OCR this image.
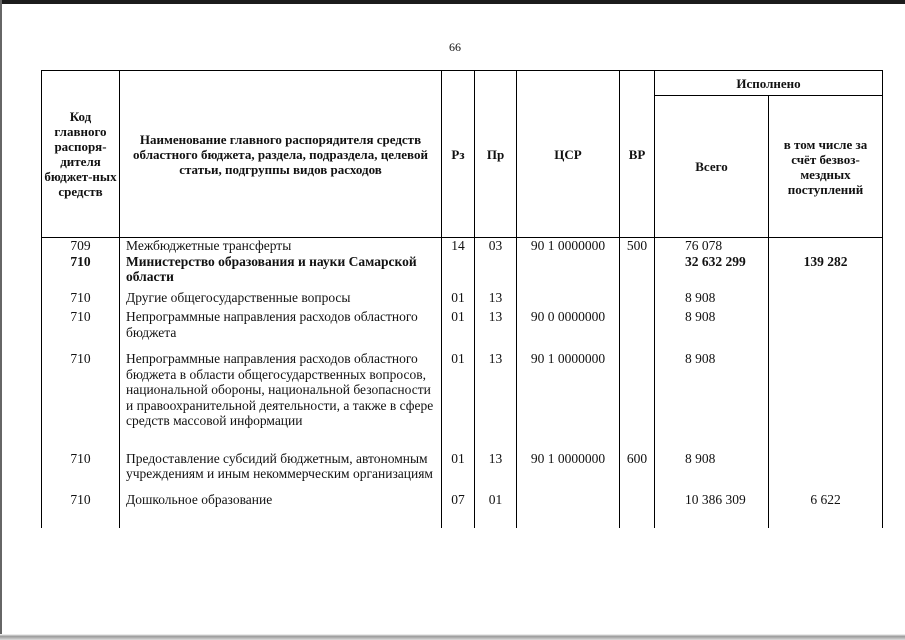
66
Код главного распоря-дителя бюджет-ных средств	Наименование главного распорядителя средств областного бюджета, раздела, подраздела, целевой статьи, подгруппы видов расходов	Рз	Пр	ЦСР	ВР	Исполнено	
						Всего	в том числе за счёт безвоз-мездных поступлений
709	Межбюджетные трансферты	14	03	90 1 0000000	500	76 078	
710	Министерство образования и науки Самарской области					32 632 299	139 282
710	Другие общегосударственные вопросы	01	13			8 908	
710	Непрограммные направления расходов областного бюджета	01	13	90 0 0000000		8 908	
710	Непрограммные направления расходов областного бюджета в области общегосударственных вопросов, национальной обороны, национальной безопасности и правоохранительной деятельности, а также в сфере средств массовой информации	01	13	90 1 0000000		8 908	
710	Предоставление субсидий бюджетным, автономным учреждениям и иным некоммерческим организациям	01	13	90 1 0000000	600	8 908	
710	Дошкольное образование	07	01			10 386 309	6 622
